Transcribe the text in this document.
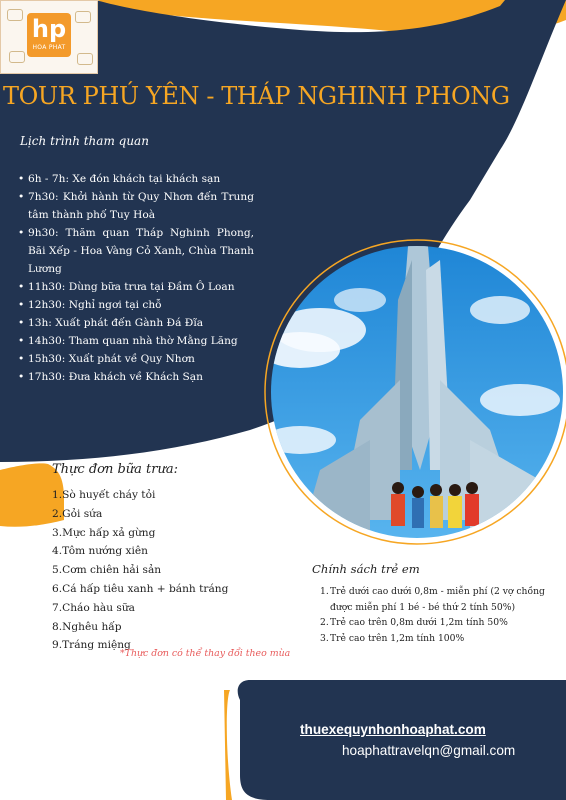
hp
HOA PHAT
TOUR PHÚ YÊN - THÁP NGHINH PHONG
Lịch trình tham quan
• 6h - 7h: Xe đón khách tại khách sạn
• 7h30: Khởi hành từ Quy Nhơn đến Trung tâm thành phố Tuy Hoà
• 9h30: Thăm quan Tháp Nghinh Phong, Bãi Xếp - Hoa Vàng Cỏ Xanh, Chùa Thanh Lương
• 11h30: Dùng bữa trưa tại Đầm Ô Loan
• 12h30: Nghỉ ngơi tại chỗ
• 13h: Xuất phát đến Gành Đá Đĩa
• 14h30: Tham quan nhà thờ Mằng Lăng
• 15h30: Xuất phát về Quy Nhơn
• 17h30: Đưa khách về Khách Sạn
Thực đơn bữa trưa:
1.Sò huyết cháy tỏi
2.Gỏi sứa
3.Mực hấp xả gừng
4.Tôm nướng xiên
5.Cơm chiên hải sản
6.Cá hấp tiêu xanh + bánh tráng
7.Cháo hàu sữa
8.Nghêu hấp
9.Tráng miệng
*Thực đơn có thể thay đổi theo mùa
Chính sách trẻ em
1. Trẻ dưới cao dưới 0,8m - miễn phí (2 vợ chồng được miễn phí 1 bé - bé thứ 2 tính 50%)
2. Trẻ cao trên 0,8m dưới 1,2m tính 50%
3. Trẻ cao trên 1,2m tính 100%
thuexequynhonhoaphat.com
hoaphattravelqn@gmail.com
